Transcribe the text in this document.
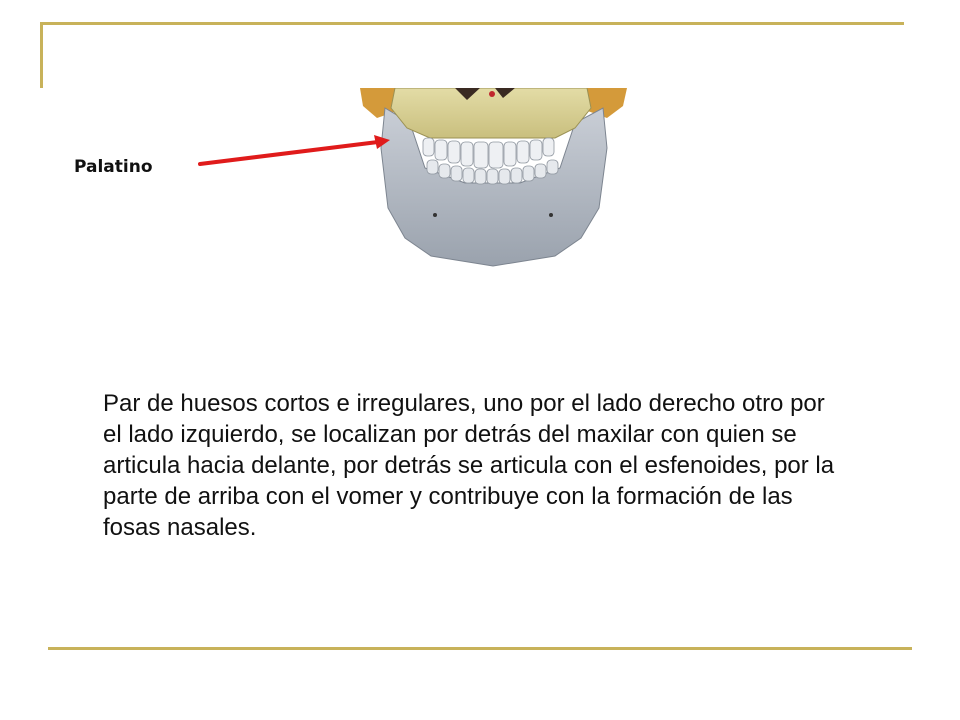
Palatino

Par de huesos cortos e irregulares, uno por el lado derecho otro por el lado izquierdo, se localizan por detrás del maxilar con quien se articula hacia delante, por detrás se articula con el esfenoides, por la parte de arriba con el vomer y contribuye con la formación de las fosas nasales.
